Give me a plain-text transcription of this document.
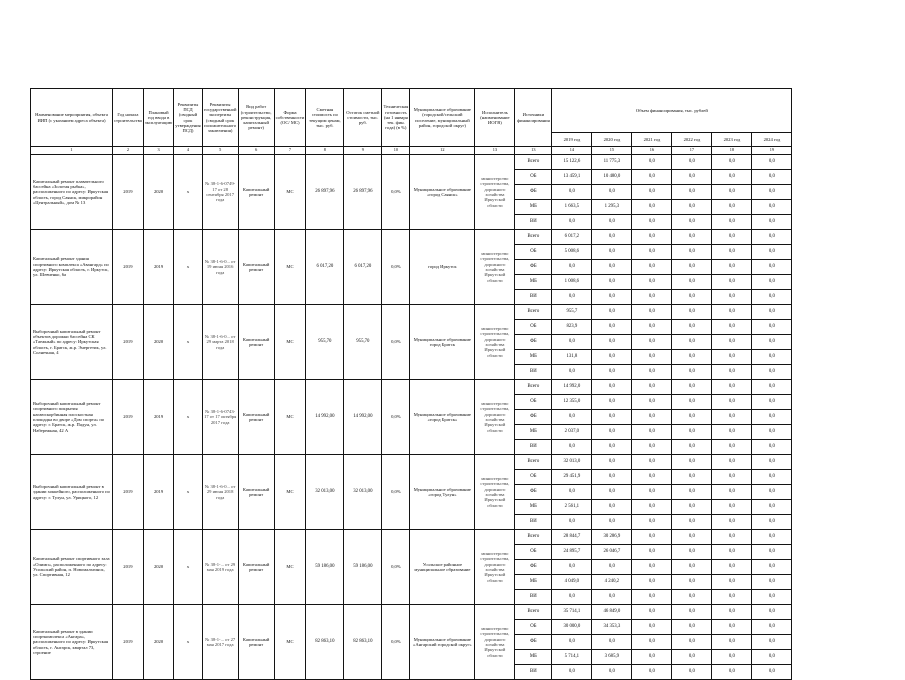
Наименование мероприятия, объекта ИИП (с указанием адреса объекта)	Год начала строительства	Плановый год ввода в эксплуатацию	Реквизиты ПСД (сводный срок утверждения ПСД)	Реквизиты государственной экспертизы (сводный срок положительного заключения)	Вид работ (строительство, реконструкция, капитальный ремонт)	Форма собственности (ОС/ МС)	Сметная стоимость по текущим ценам, тыс. руб.	Остаток сметной стоимости, тыс. руб.	Техническая готовность (на 1 января тек. фин. года) (в %)	Муниципальное образование (городской/сельский поселение, муниципальный район, городской округ)	Исполнитель (наименование ИОГВ)	Источники финансирования	Объем финансирования, тыс. рублей					
													2019 год	2020 год	2021 год	2022 год	2023 год	2024 год
1	2	3	4	5	6	7	8	9	10	12	13	13	14	15	16	17	18	19
Капитальный ремонт плавательного бассейна «Золотая рыбка», расположенного по адресу: Иркутская область, город Саянск, микрорайон «Центральный», дом № 13	2019	2020	х	№ 38-1-6-0749-17 от 28 сентября 2017 года	Капитальный ремонт	МС	26 897,96	26 897,96	0,0%	Муниципальное образование «город Саянск»	министерство строительства, дорожного хозяйства Иркутской области	Всего	15 122,6	11 775,3	0,0	0,0	0,0	0,0
												ОБ	13 459,1	10 480,0	0,0	0,0	0,0	0,0
												ФБ	0,0	0,0	0,0	0,0	0,0	0,0
												МБ	1 663,5	1 295,3	0,0	0,0	0,0	0,0
												ВИ	0,0	0,0	0,0	0,0	0,0	0,0
Капитальный ремонт здания спортивного комплекса «Авангард» по адресу: Иркутская область, г. Иркутск, ул. Шевченко, 6а	2019	2019	х	№ 38-1-6-0... от 19 июня 2016 года	Капитальный ремонт	МС	6 017,20	6 017,20	0,0%	город Иркутск	министерство строительства, дорожного хозяйства Иркутской области	Всего	6 017,2	0,0	0,0	0,0	0,0	0,0
												ОБ	5 008,6	0,0	0,0	0,0	0,0	0,0
												ФБ	0,0	0,0	0,0	0,0	0,0	0,0
												МБ	1 008,6	0,0	0,0	0,0	0,0	0,0
												ВИ	0,0	0,0	0,0	0,0	0,0	0,0
Выборочный капитальный ремонт объектов дорожки бассейна СК «Таежный» по адресу: Иркутская область, г. Братск, ж.р. Энергетик, ул. Солнечная, 4	2019	2020	х	№ 38-1-6-0... от 29 марта 2018 года	Капитальный ремонт	МС	955,70	955,70	0,0%	Муниципальное образование город Братск	министерство строительства, дорожного хозяйства Иркутской области	Всего	955,7	0,0	0,0	0,0	0,0	0,0
												ОБ	823,9	0,0	0,0	0,0	0,0	0,0
												ФБ	0,0	0,0	0,0	0,0	0,0	0,0
												МБ	131,8	0,0	0,0	0,0	0,0	0,0
												ВИ	0,0	0,0	0,0	0,0	0,0	0,0
Выборочный капитальный ремонт спортивного покрытия нагаюскорбинная плоскостная площадка во дворе «Дом спорта» по адресу: г. Братск, ж.р. Падун, ул. Набережная, 42 А	2019	2019	х	№ 38-1-6-0743-17 от 17 октября 2017 года	Капитальный ремонт	МС	14 992,00	14 992,00	0,0%	Муниципальное образование «город Братск»	министерство строительства, дорожного хозяйства Иркутской области	Всего	14 992,0	0,0	0,0	0,0	0,0	0,0
												ОБ	12 355,0	0,0	0,0	0,0	0,0	0,0
												ФБ	0,0	0,0	0,0	0,0	0,0	0,0
												МБ	2 037,0	0,0	0,0	0,0	0,0	0,0
												ВИ	0,0	0,0	0,0	0,0	0,0	0,0
Выборочный капитальный ремонт в здании хоккейного, расположенного по адресу: г. Тулун, ул. Урицкого, 12	2019	2019	х	№ 38-1-6-0... от 29 июня 2018 года	Капитальный ремонт	МС	32 013,00	32 013,00	0,0%	Муниципальное образование «город Тулун»	министерство строительства, дорожного хозяйства Иркутской области	Всего	32 013,0	0,0	0,0	0,0	0,0	0,0
												ОБ	29 451,9	0,0	0,0	0,0	0,0	0,0
												ФБ	0,0	0,0	0,0	0,0	0,0	0,0
												МБ	2 561,1	0,0	0,0	0,0	0,0	0,0
												ВИ	0,0	0,0	0,0	0,0	0,0	0,0
Капитальный ремонт спортивного зала «Олимп», расположенного по адресу: Усольский район, п. Новомальтинск, ул. Спортивная, 12	2019	2020	х	№ 38-1-... от 29 мая 2019 года	Капитальный ремонт	МС	59 186,00	59 186,00	0,0%	Усольское районное муниципальное образование	министерство строительства, дорожного хозяйства Иркутской области	Всего	28 844,7	30 286,9	0,0	0,0	0,0	0,0
												ОБ	24 895,7	26 046,7	0,0	0,0	0,0	0,0
												ФБ	0,0	0,0	0,0	0,0	0,0	0,0
												МБ	4 049,0	4 240,2	0,0	0,0	0,0	0,0
												ВИ	0,0	0,0	0,0	0,0	0,0	0,0
Капитальный ремонт в здании спорткомплекса «Ангара», расположенного по адресу: Иркутская область, г. Ангарск, квартал 73, строение	2019	2020	х	№ 38-1-... от 27 мая 2017 года	Капитальный ремонт	МС	82 863,10	82 863,10	0,0%	Муниципальное образование «Ангарский городской округ»	министерство строительства, дорожного хозяйства Иркутской области	Всего	35 714,1	46 849,0	0,0	0,0	0,0	0,0
												ОБ	30 000,0	34 353,3	0,0	0,0	0,0	0,0
												ФБ	0,0	0,0	0,0	0,0	0,0	0,0
												МБ	5 714,1	3 685,9	0,0	0,0	0,0	0,0
												ВИ	0,0	0,0	0,0	0,0	0,0	0,0
